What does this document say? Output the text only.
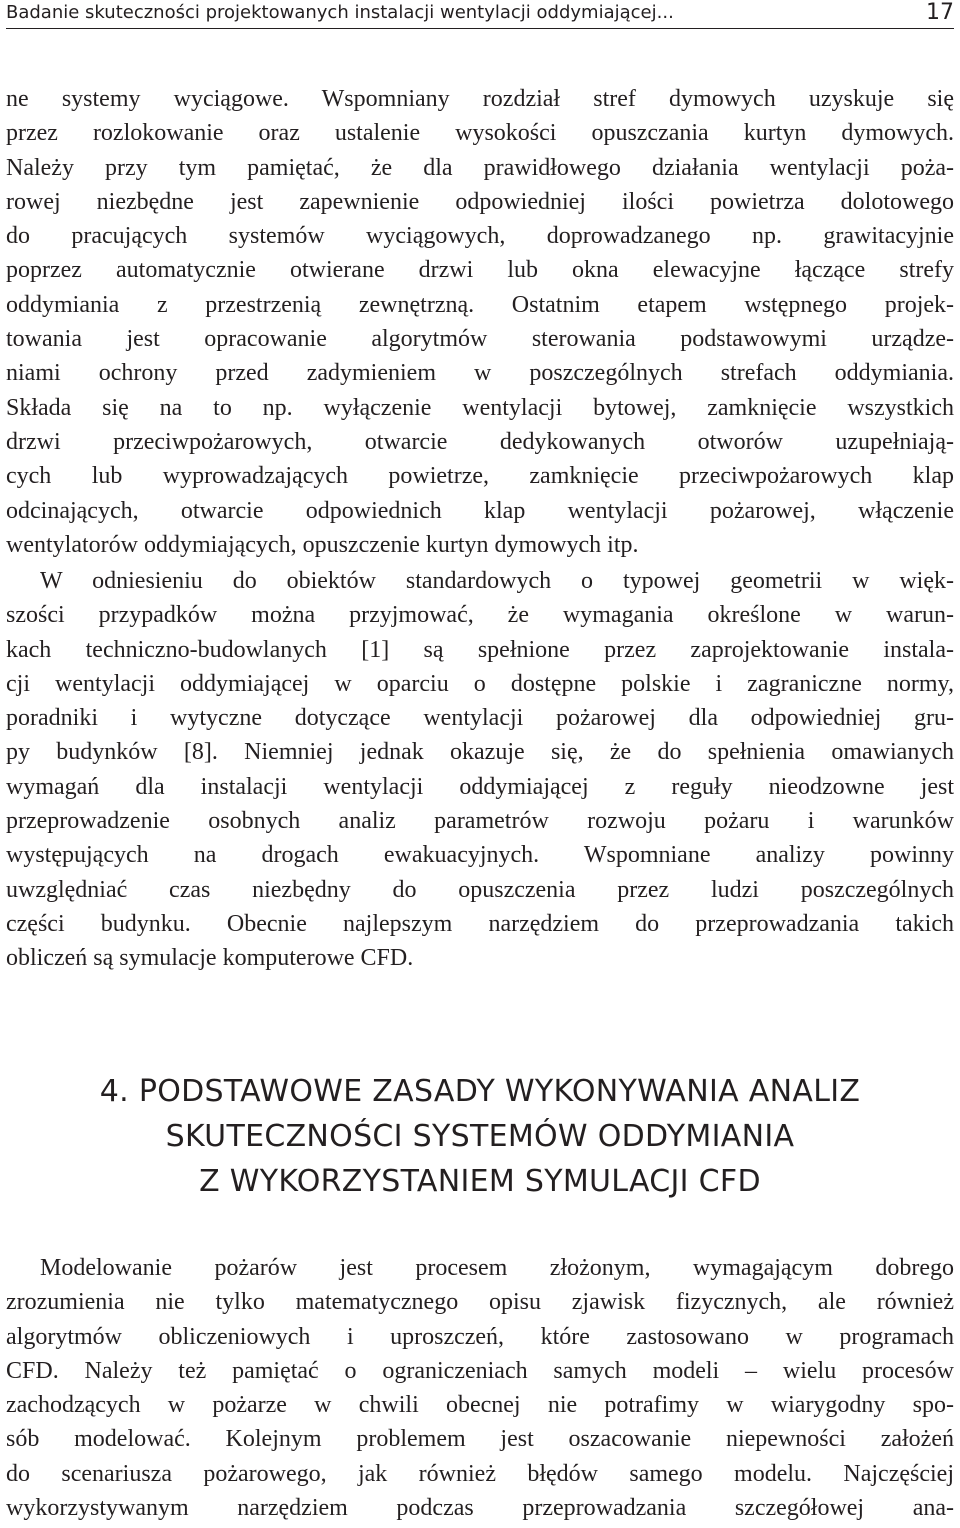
Badanie skuteczności projektowanych instalacji wentylacji oddymiającej...	17
ne systemy wyciągowe. Wspomniany rozdział stref dymowych uzyskuje się
przez rozlokowanie oraz ustalenie wysokości opuszczania kurtyn dymowych.
Należy przy tym pamiętać, że dla prawidłowego działania wentylacji poża-
rowej niezbędne jest zapewnienie odpowiedniej ilości powietrza dolotowego
do pracujących systemów wyciągowych, doprowadzanego np. grawitacyjnie
poprzez automatycznie otwierane drzwi lub okna elewacyjne łączące strefy
oddymiania z przestrzenią zewnętrzną. Ostatnim etapem wstępnego projek-
towania jest opracowanie algorytmów sterowania podstawowymi urządze-
niami ochrony przed zadymieniem w poszczególnych strefach oddymiania.
Składa się na to np. wyłączenie wentylacji bytowej, zamknięcie wszystkich
drzwi przeciwpożarowych, otwarcie dedykowanych otworów uzupełniają-
cych lub wyprowadzających powietrze, zamknięcie przeciwpożarowych klap
odcinających, otwarcie odpowiednich klap wentylacji pożarowej, włączenie
wentylatorów oddymiających, opuszczenie kurtyn dymowych itp.
W odniesieniu do obiektów standardowych o typowej geometrii w więk-
szości przypadków można przyjmować, że wymagania określone w warun-
kach techniczno-budowlanych [1] są spełnione przez zaprojektowanie instala-
cji wentylacji oddymiającej w oparciu o dostępne polskie i zagraniczne normy,
poradniki i wytyczne dotyczące wentylacji pożarowej dla odpowiedniej gru-
py budynków [8]. Niemniej jednak okazuje się, że do spełnienia omawianych
wymagań dla instalacji wentylacji oddymiającej z reguły nieodzowne jest
przeprowadzenie osobnych analiz parametrów rozwoju pożaru i warunków
występujących na drogach ewakuacyjnych. Wspomniane analizy powinny
uwzględniać czas niezbędny do opuszczenia przez ludzi poszczególnych
części budynku. Obecnie najlepszym narzędziem do przeprowadzania takich
obliczeń są symulacje komputerowe CFD.
4. PODSTAWOWE ZASADY WYKONYWANIA ANALIZ
SKUTECZNOŚCI SYSTEMÓW ODDYMIANIA
Z WYKORZYSTANIEM SYMULACJI CFD
Modelowanie pożarów jest procesem złożonym, wymagającym dobrego
zrozumienia nie tylko matematycznego opisu zjawisk fizycznych, ale również
algorytmów obliczeniowych i uproszczeń, które zastosowano w programach
CFD. Należy też pamiętać o ograniczeniach samych modeli – wielu procesów
zachodzących w pożarze w chwili obecnej nie potrafimy w wiarygodny spo-
sób modelować. Kolejnym problemem jest oszacowanie niepewności założeń
do scenariusza pożarowego, jak również błędów samego modelu. Najczęściej
wykorzystywanym narzędziem podczas przeprowadzania szczegółowej ana-
